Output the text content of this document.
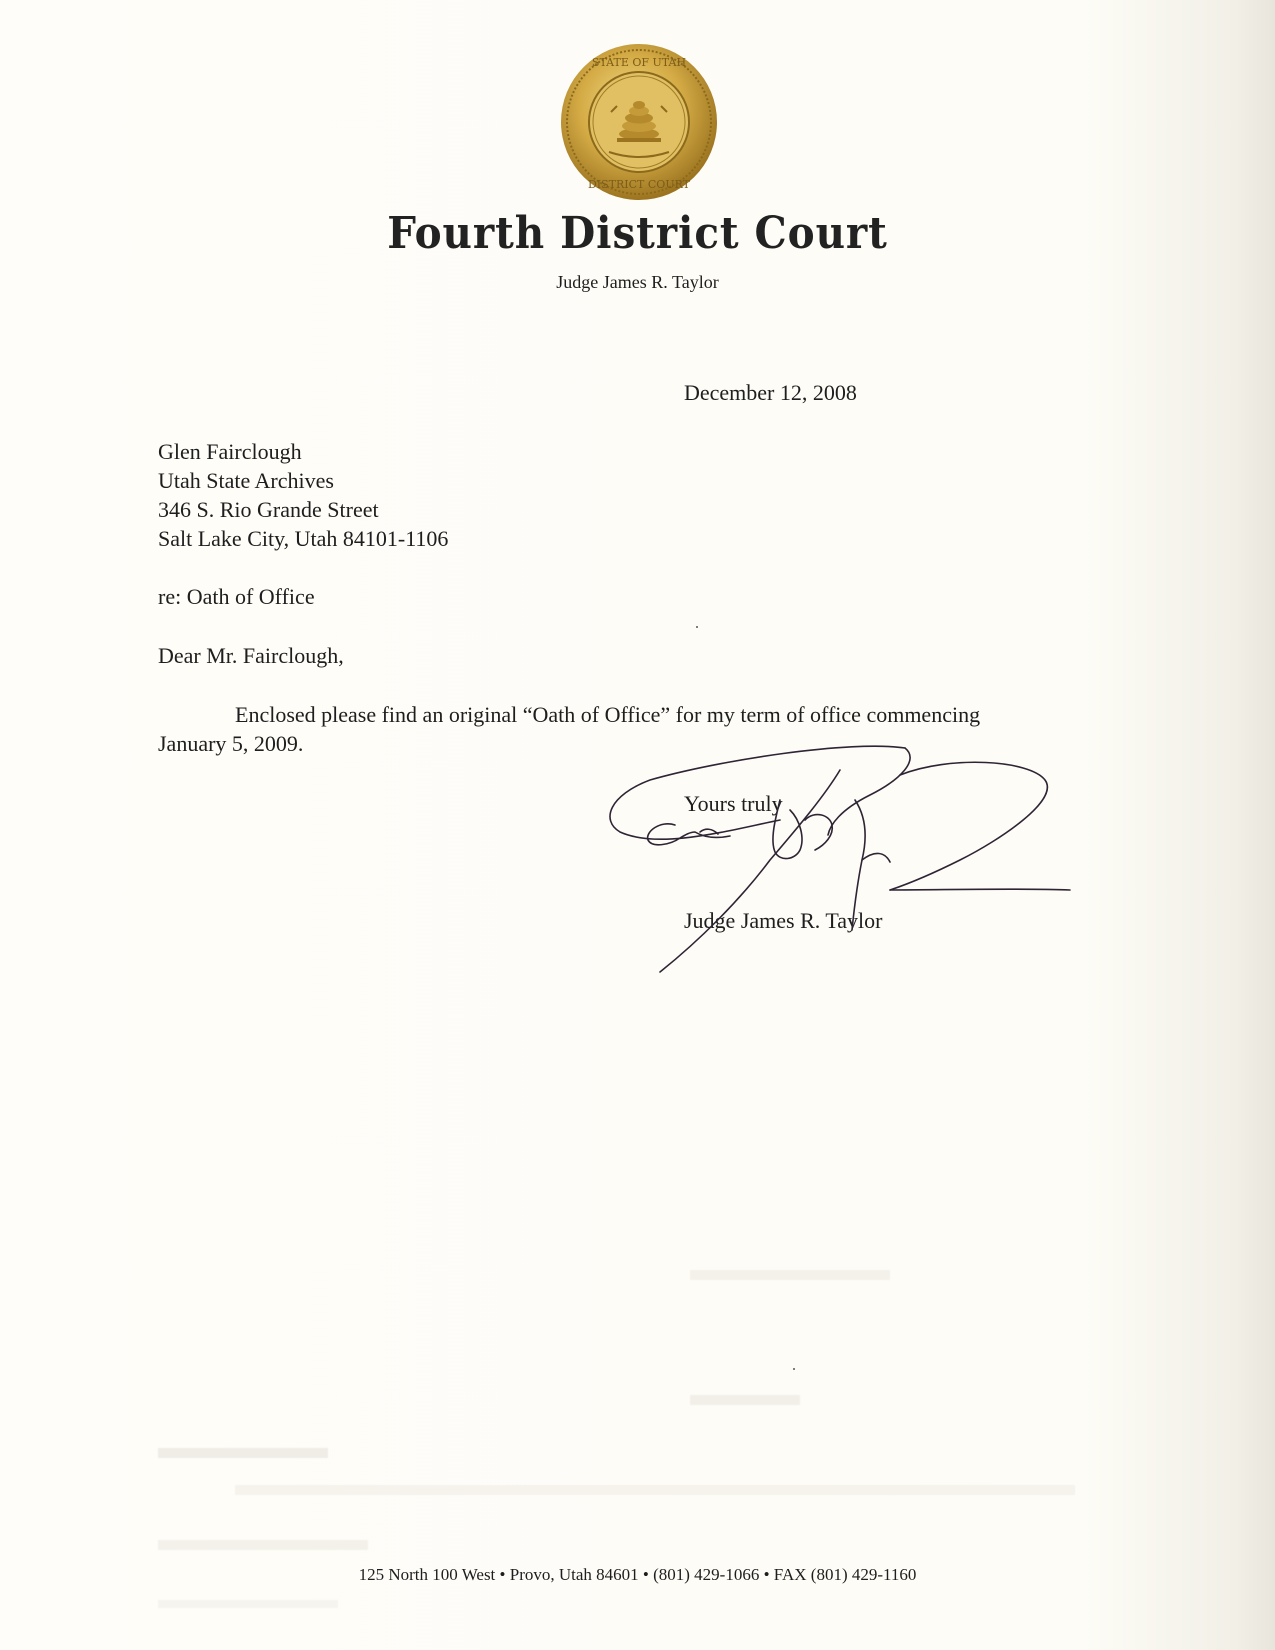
STATE OF UTAH
DISTRICT COURT
Fourth District Court
Judge James R. Taylor
December 12, 2008
Glen Fairclough
Utah State Archives
346 S. Rio Grande Street
Salt Lake City, Utah 84101-1106
re: Oath of Office
Dear Mr. Fairclough,
Enclosed please find an original “Oath of Office” for my term of office commencing
January 5, 2009.
Yours truly
Judge James R. Taylor
125 North 100 West • Provo, Utah 84601 • (801) 429-1066 • FAX (801) 429-1160
